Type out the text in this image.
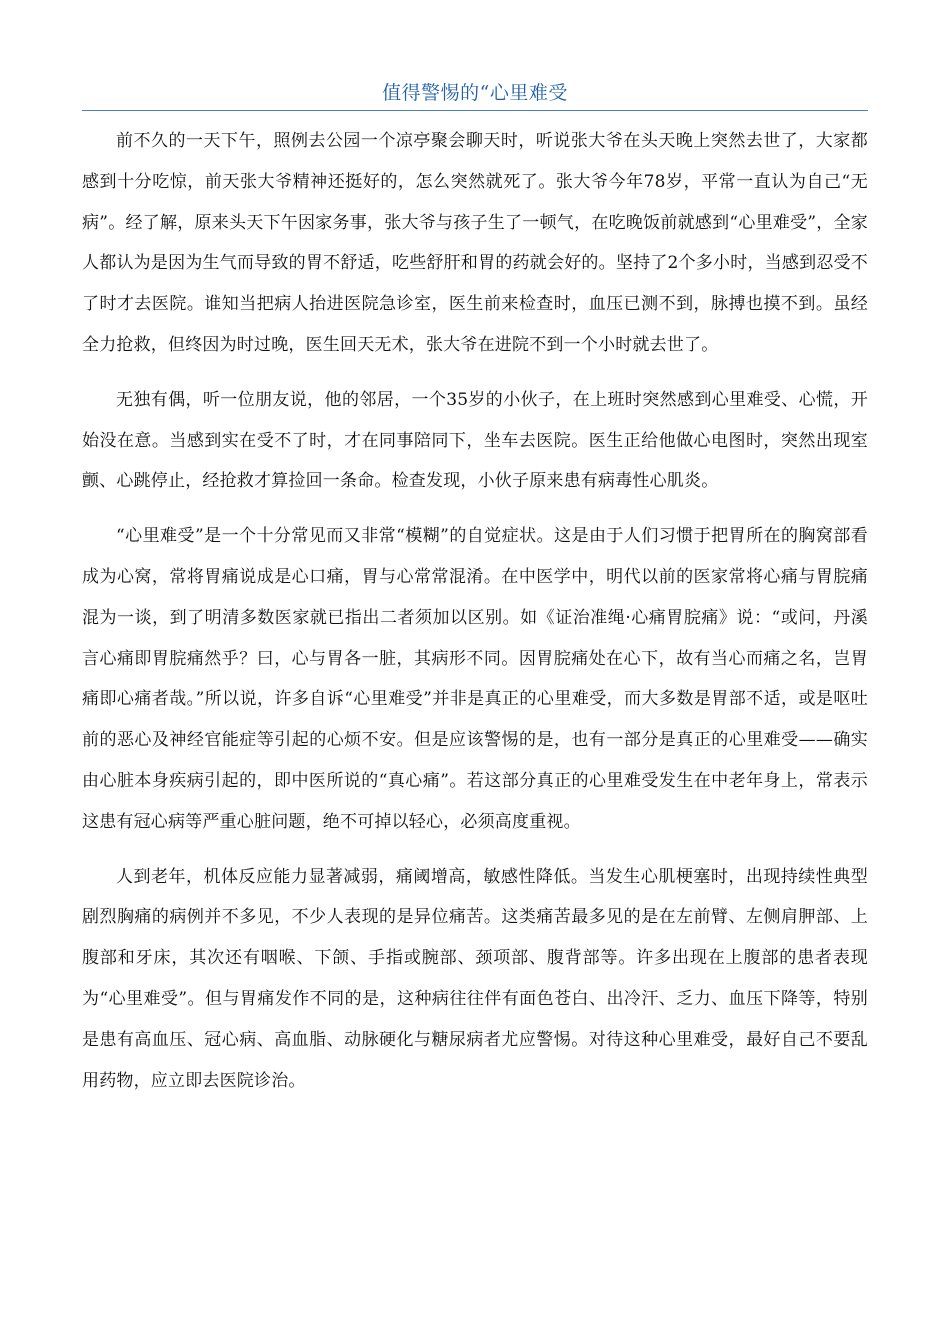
值得警惕的“心里难受

前不久的一天下午，照例去公园一个凉亭聚会聊天时，听说张大爷在头天晚上突然去世了，大家都感到十分吃惊，前天张大爷精神还挺好的，怎么突然就死了。张大爷今年78岁，平常一直认为自己“无病”。经了解，原来头天下午因家务事，张大爷与孩子生了一顿气，在吃晚饭前就感到“心里难受”，全家人都认为是因为生气而导致的胃不舒适，吃些舒肝和胃的药就会好的。坚持了2个多小时，当感到忍受不了时才去医院。谁知当把病人抬进医院急诊室，医生前来检查时，血压已测不到，脉搏也摸不到。虽经全力抢救，但终因为时过晚，医生回天无术，张大爷在进院不到一个小时就去世了。

无独有偶，听一位朋友说，他的邻居，一个35岁的小伙子，在上班时突然感到心里难受、心慌，开始没在意。当感到实在受不了时，才在同事陪同下，坐车去医院。医生正给他做心电图时，突然出现室颤、心跳停止，经抢救才算捡回一条命。检查发现，小伙子原来患有病毒性心肌炎。

“心里难受”是一个十分常见而又非常“模糊”的自觉症状。这是由于人们习惯于把胃所在的胸窝部看成为心窝，常将胃痛说成是心口痛，胃与心常常混淆。在中医学中，明代以前的医家常将心痛与胃脘痛混为一谈，到了明清多数医家就已指出二者须加以区别。如《证治准绳·心痛胃脘痛》说：“或问，丹溪言心痛即胃脘痛然乎？曰，心与胃各一脏，其病形不同。因胃脘痛处在心下，故有当心而痛之名，岂胃痛即心痛者哉。”所以说，许多自诉“心里难受”并非是真正的心里难受，而大多数是胃部不适，或是呕吐前的恶心及神经官能症等引起的心烦不安。但是应该警惕的是，也有一部分是真正的心里难受——确实由心脏本身疾病引起的，即中医所说的“真心痛”。若这部分真正的心里难受发生在中老年身上，常表示这患有冠心病等严重心脏问题，绝不可掉以轻心，必须高度重视。

人到老年，机体反应能力显著减弱，痛阈增高，敏感性降低。当发生心肌梗塞时，出现持续性典型剧烈胸痛的病例并不多见，不少人表现的是异位痛苦。这类痛苦最多见的是在左前臂、左侧肩胛部、上腹部和牙床，其次还有咽喉、下颌、手指或腕部、颈项部、腹背部等。许多出现在上腹部的患者表现为“心里难受”。但与胃痛发作不同的是，这种病往往伴有面色苍白、出冷汗、乏力、血压下降等，特别是患有高血压、冠心病、高血脂、动脉硬化与糖尿病者尤应警惕。对待这种心里难受，最好自己不要乱用药物，应立即去医院诊治。
